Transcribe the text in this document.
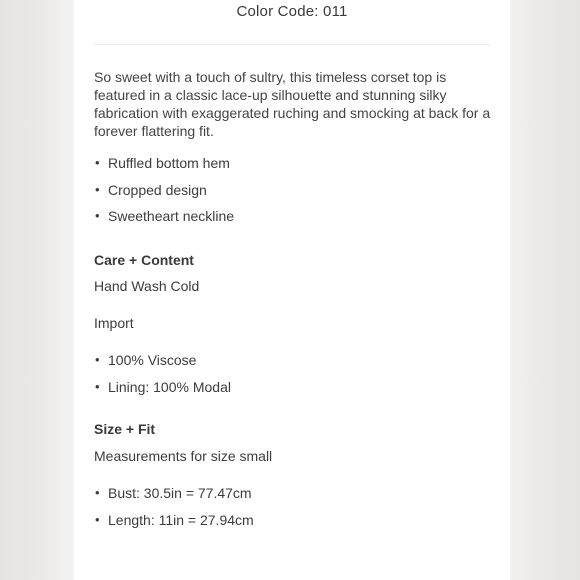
Color Code: 011

So sweet with a touch of sultry, this timeless corset top is featured in a classic lace-up silhouette and stunning silky fabrication with exaggerated ruching and smocking at back for a forever flattering fit.

• Ruffled bottom hem
• Cropped design
• Sweetheart neckline
Care + Content
Hand Wash Cold
Import
• 100% Viscose
• Lining: 100% Modal
Size + Fit
Measurements for size small
• Bust: 30.5in = 77.47cm
• Length: 11in = 27.94cm
